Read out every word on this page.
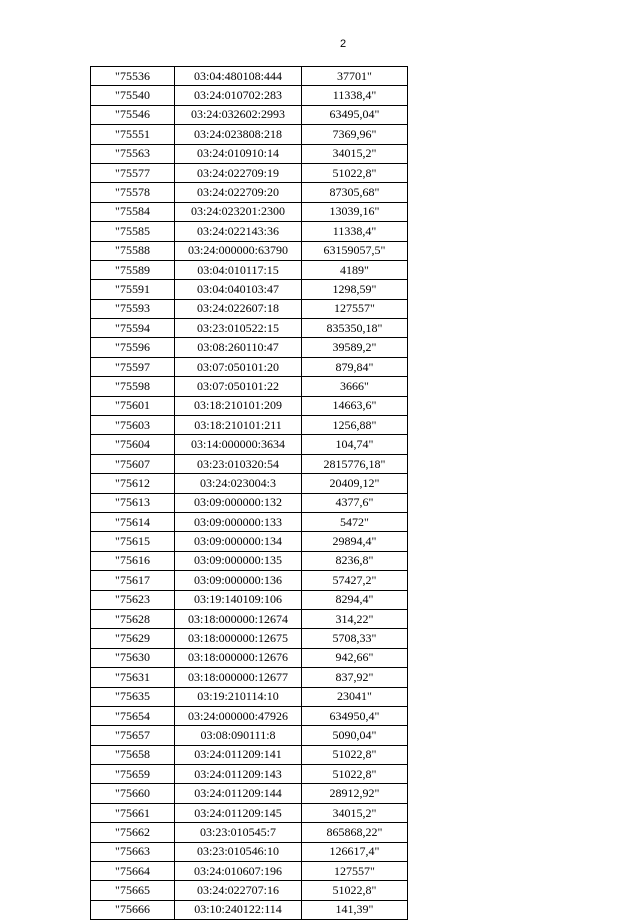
2
"75536	03:04:480108:444	37701"
"75540	03:24:010702:283	11338,4"
"75546	03:24:032602:2993	63495,04"
"75551	03:24:023808:218	7369,96"
"75563	03:24:010910:14	34015,2"
"75577	03:24:022709:19	51022,8"
"75578	03:24:022709:20	87305,68"
"75584	03:24:023201:2300	13039,16"
"75585	03:24:022143:36	11338,4"
"75588	03:24:000000:63790	63159057,5"
"75589	03:04:010117:15	4189"
"75591	03:04:040103:47	1298,59"
"75593	03:24:022607:18	127557"
"75594	03:23:010522:15	835350,18"
"75596	03:08:260110:47	39589,2"
"75597	03:07:050101:20	879,84"
"75598	03:07:050101:22	3666"
"75601	03:18:210101:209	14663,6"
"75603	03:18:210101:211	1256,88"
"75604	03:14:000000:3634	104,74"
"75607	03:23:010320:54	2815776,18"
"75612	03:24:023004:3	20409,12"
"75613	03:09:000000:132	4377,6"
"75614	03:09:000000:133	5472"
"75615	03:09:000000:134	29894,4"
"75616	03:09:000000:135	8236,8"
"75617	03:09:000000:136	57427,2"
"75623	03:19:140109:106	8294,4"
"75628	03:18:000000:12674	314,22"
"75629	03:18:000000:12675	5708,33"
"75630	03:18:000000:12676	942,66"
"75631	03:18:000000:12677	837,92"
"75635	03:19:210114:10	23041"
"75654	03:24:000000:47926	634950,4"
"75657	03:08:090111:8	5090,04"
"75658	03:24:011209:141	51022,8"
"75659	03:24:011209:143	51022,8"
"75660	03:24:011209:144	28912,92"
"75661	03:24:011209:145	34015,2"
"75662	03:23:010545:7	865868,22"
"75663	03:23:010546:10	126617,4"
"75664	03:24:010607:196	127557"
"75665	03:24:022707:16	51022,8"
"75666	03:10:240122:114	141,39"
